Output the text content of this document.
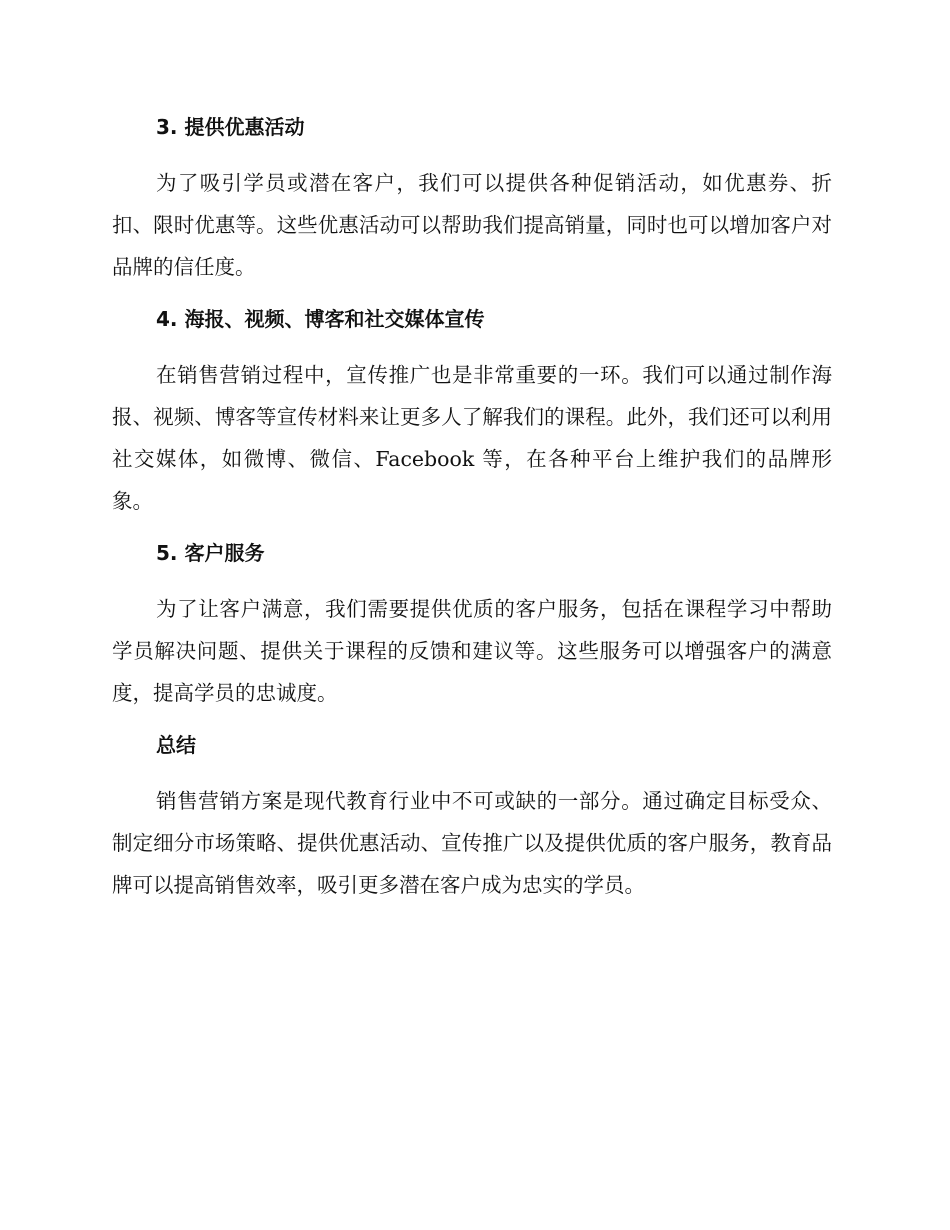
3. 提供优惠活动

为了吸引学员或潜在客户，我们可以提供各种促销活动，如优惠券、折扣、限时优惠等。这些优惠活动可以帮助我们提高销量，同时也可以增加客户对品牌的信任度。

4. 海报、视频、博客和社交媒体宣传

在销售营销过程中，宣传推广也是非常重要的一环。我们可以通过制作海报、视频、博客等宣传材料来让更多人了解我们的课程。此外，我们还可以利用社交媒体，如微博、微信、Facebook 等，在各种平台上维护我们的品牌形象。

5. 客户服务

为了让客户满意，我们需要提供优质的客户服务，包括在课程学习中帮助学员解决问题、提供关于课程的反馈和建议等。这些服务可以增强客户的满意度，提高学员的忠诚度。

总结

销售营销方案是现代教育行业中不可或缺的一部分。通过确定目标受众、制定细分市场策略、提供优惠活动、宣传推广以及提供优质的客户服务，教育品牌可以提高销售效率，吸引更多潜在客户成为忠实的学员。
